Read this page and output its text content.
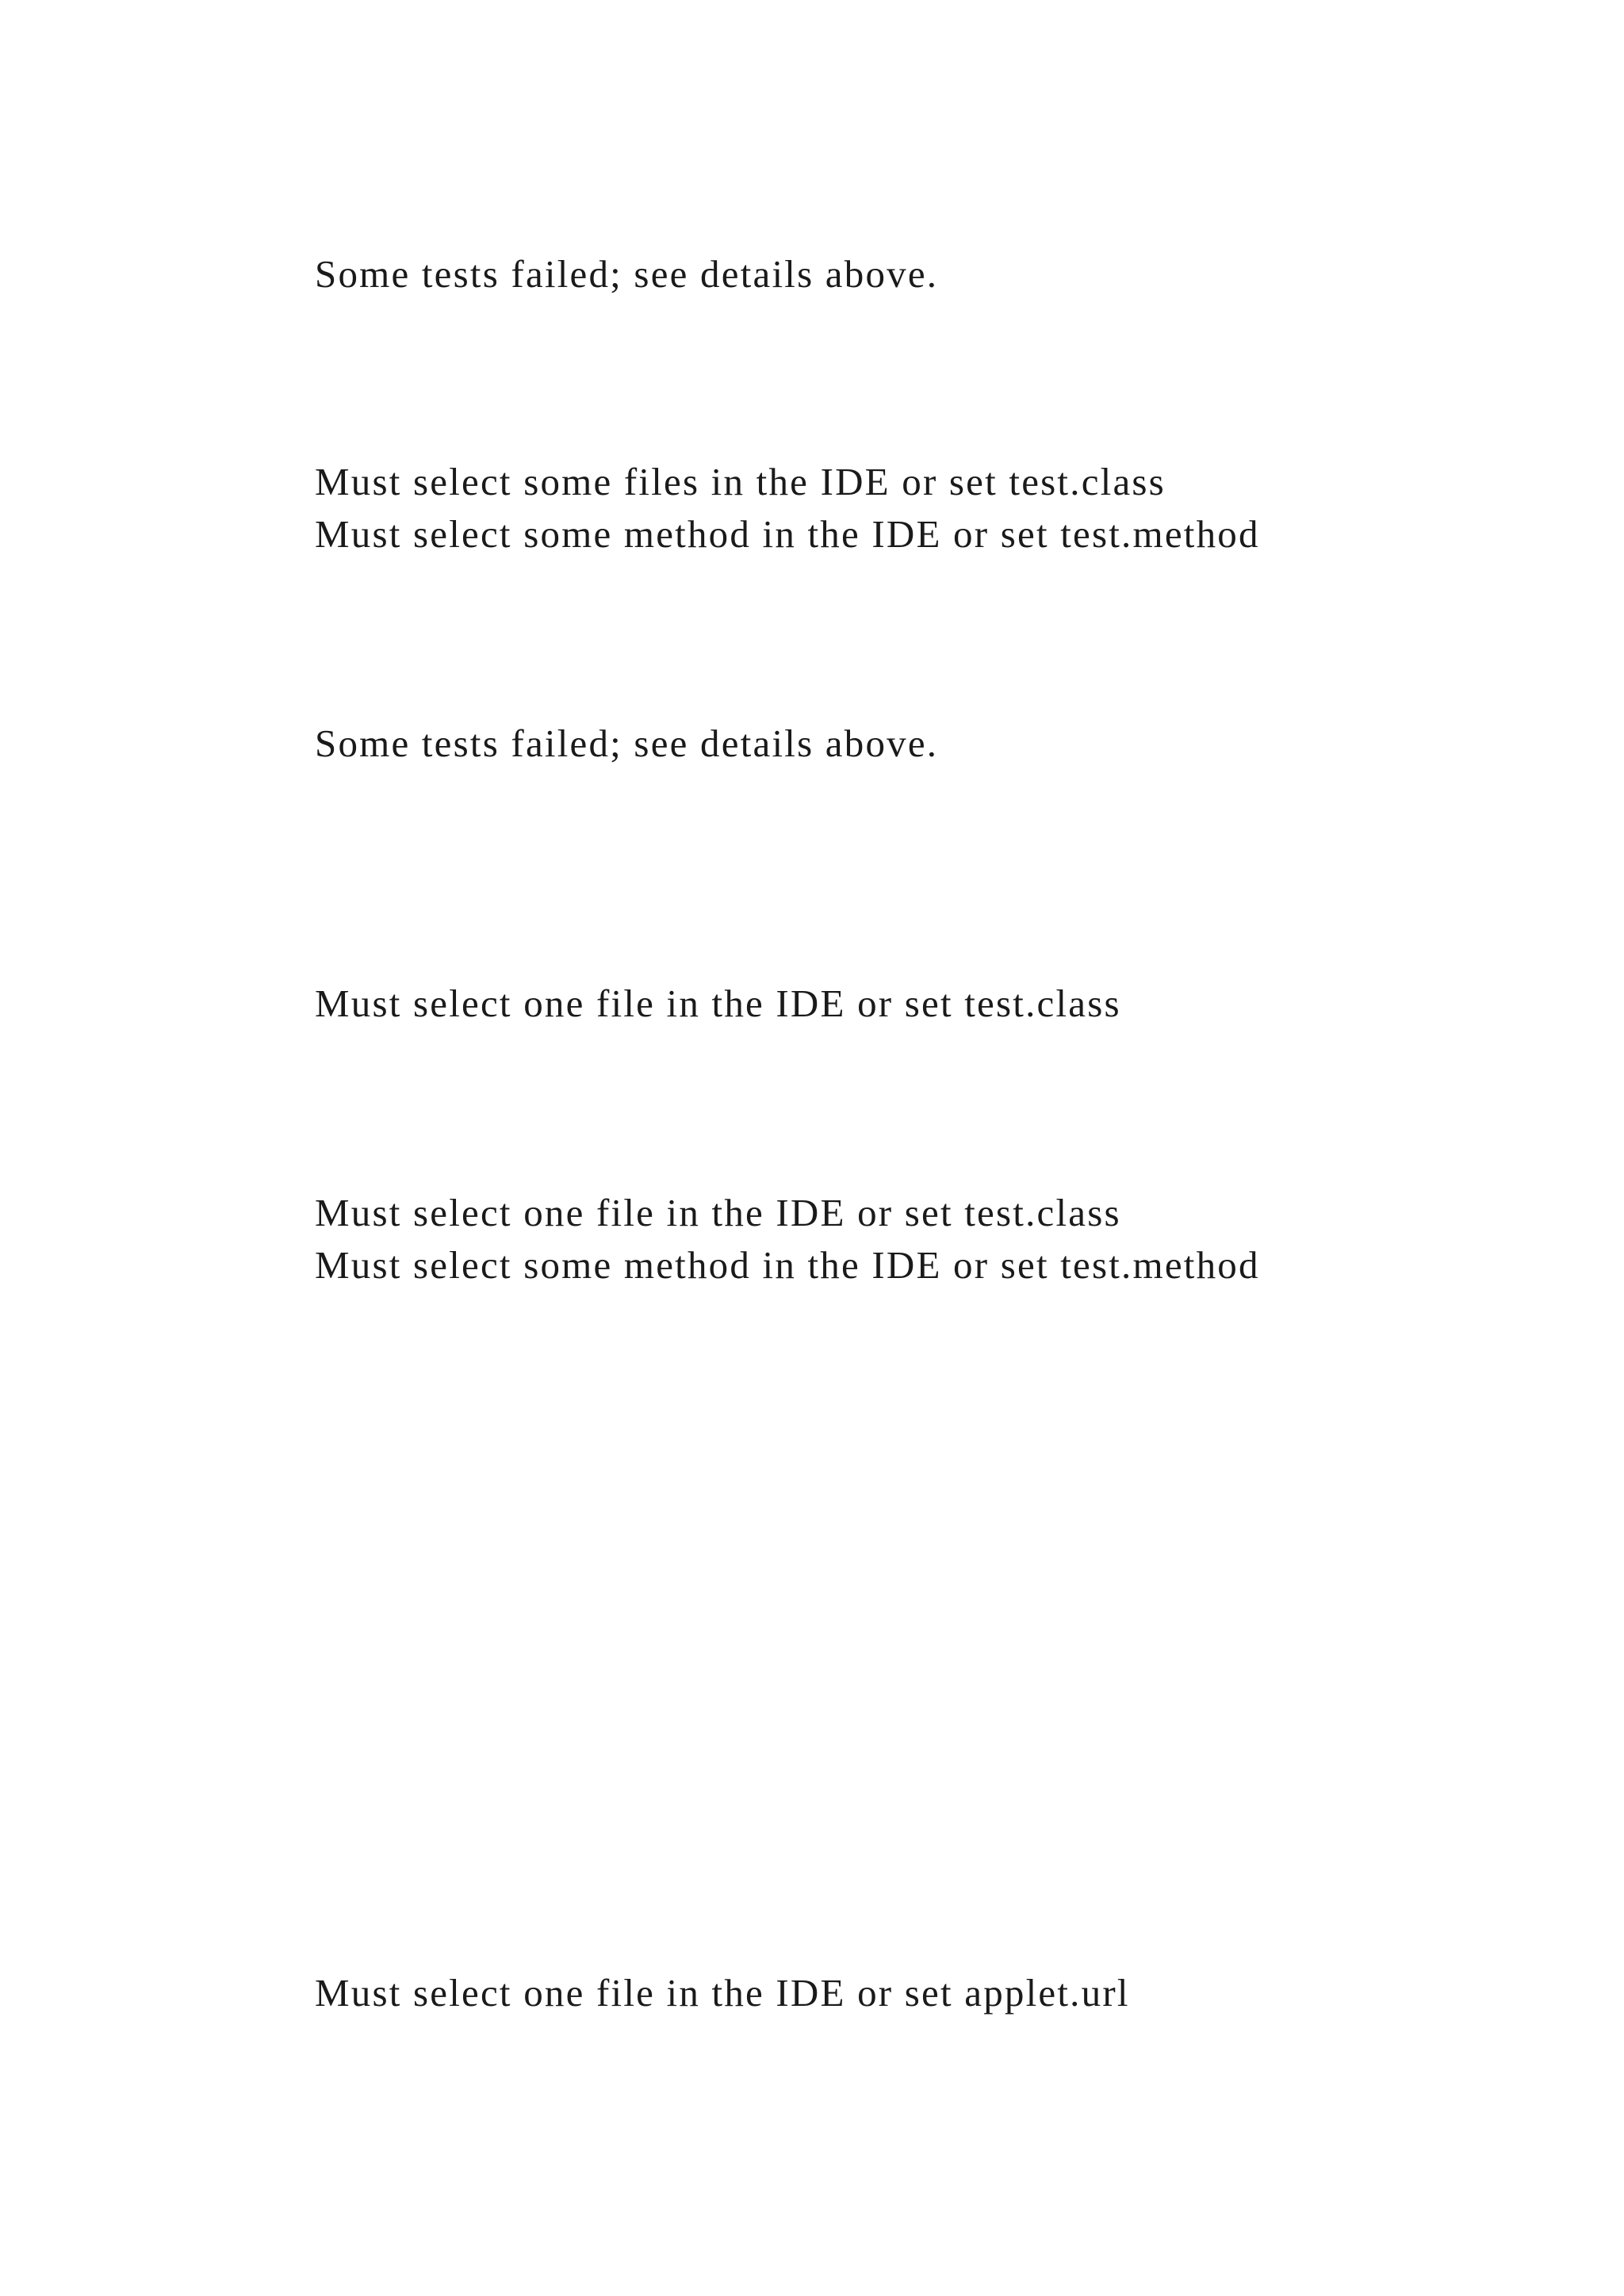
Some tests failed; see details above.

Must select some files in the IDE or set test.class

Must select some method in the IDE or set test.method

Some tests failed; see details above.

Must select one file in the IDE or set test.class

Must select one file in the IDE or set test.class

Must select some method in the IDE or set test.method

Must select one file in the IDE or set applet.url
